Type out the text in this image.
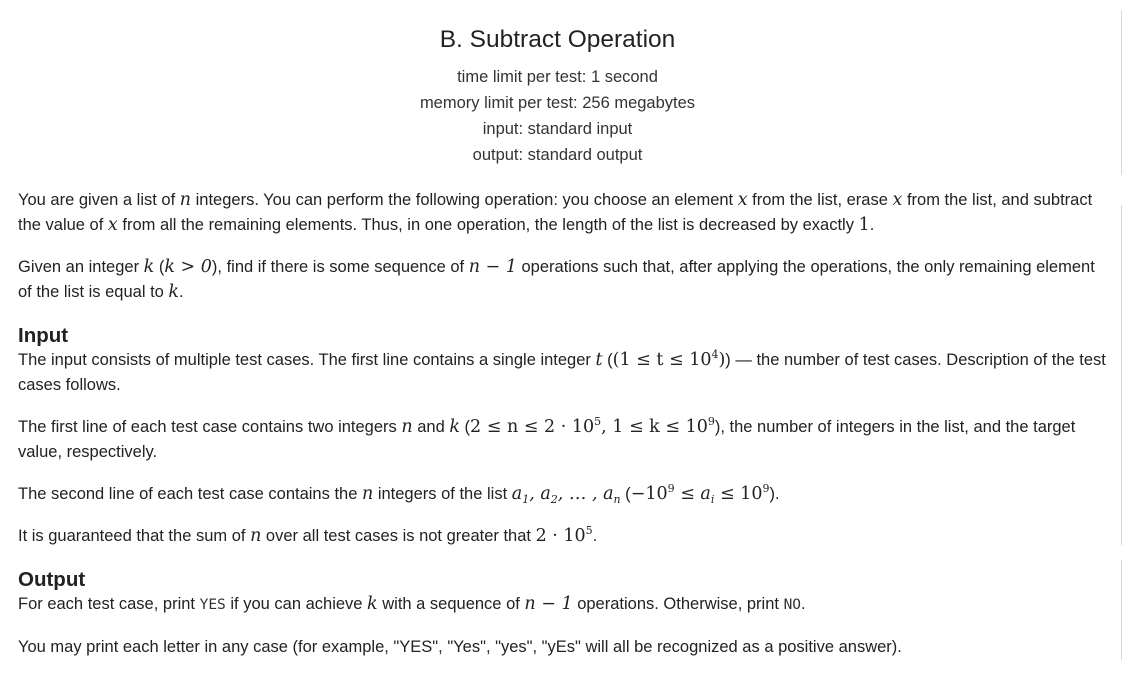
B. Subtract Operation
time limit per test: 1 second
memory limit per test: 256 megabytes
input: standard input
output: standard output

You are given a list of n integers. You can perform the following operation: you choose an element x from the list, erase x from the list, and subtract the value of x from all the remaining elements. Thus, in one operation, the length of the list is decreased by exactly 1.

Given an integer k (k > 0), find if there is some sequence of n − 1 operations such that, after applying the operations, the only remaining element of the list is equal to k.

Input

The input consists of multiple test cases. The first line contains a single integer t $((1 \le t \le 10^4))$ — the number of test cases. Description of the test cases follows.

The first line of each test case contains two integers n and k ($2 \le n \le 2 \cdot 10^5$, $1 \le k \le 10^9$), the number of integers in the list, and the target value, respectively.

The second line of each test case contains the n integers of the list $a_1$, $a_2$, … , $a_n$ $(-10^9 \le a_i \le 10^9)$.

It is guaranteed that the sum of n over all test cases is not greater that $2 \cdot 10^5$.

Output

For each test case, print YES if you can achieve k with a sequence of n − 1 operations. Otherwise, print NO.

You may print each letter in any case (for example, "YES", "Yes", "yes", "yEs" will all be recognized as a positive answer).
